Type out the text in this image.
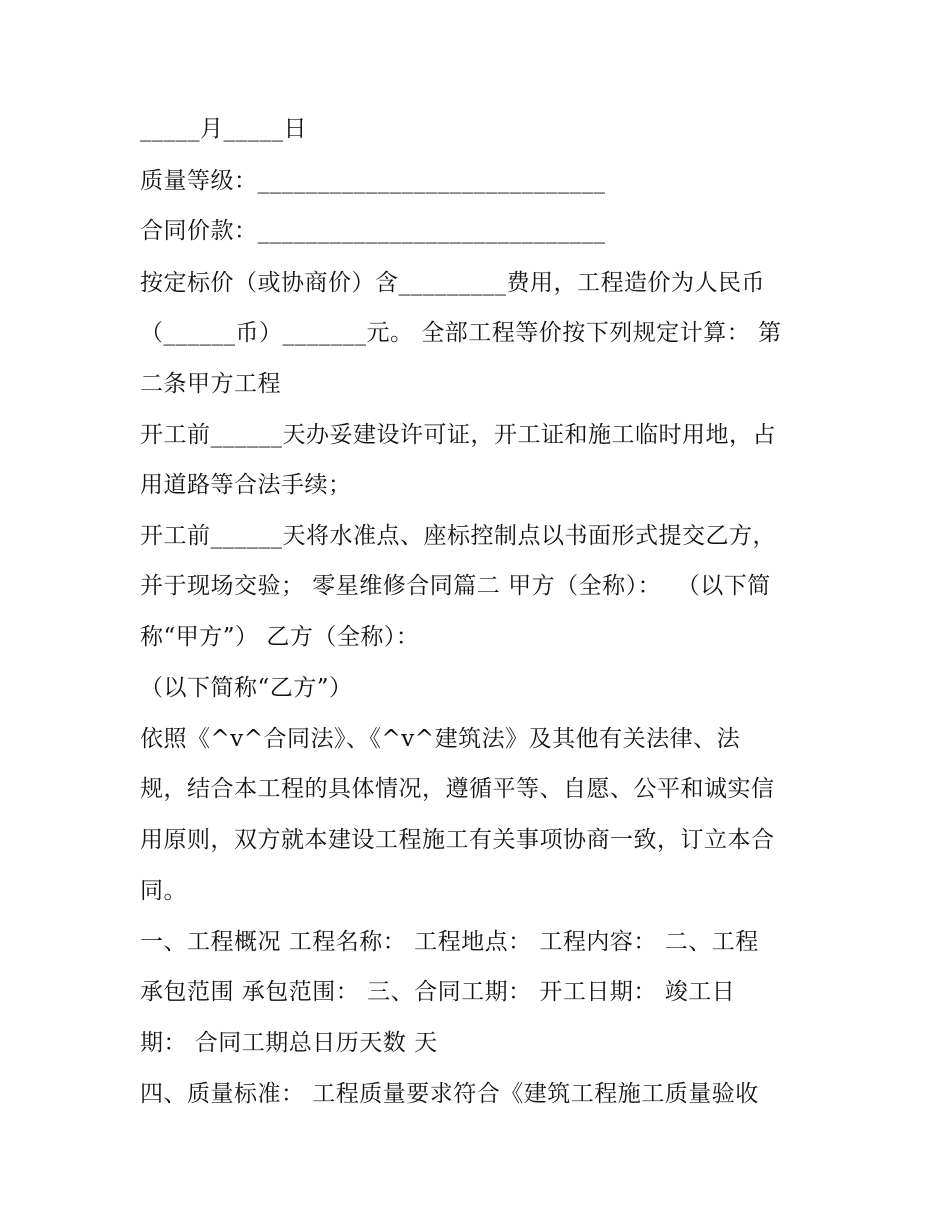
_____月_____日
质量等级：_____________________________
合同价款：_____________________________
按定标价（或协商价）含_________费用，工程造价为人民币
（______币）_______元。 全部工程等价按下列规定计算： 第
二条甲方工程
开工前______天办妥建设许可证，开工证和施工临时用地，占
用道路等合法手续；
开工前______天将水准点、座标控制点以书面形式提交乙方，
并于现场交验； 零星维修合同篇二 甲方（全称）：  （以下简
称“甲方”） 乙方（全称）：
（以下简称“乙方”）
依照《^v^合同法》、《^v^建筑法》及其他有关法律、法
规，结合本工程的具体情况，遵循平等、自愿、公平和诚实信
用原则，双方就本建设工程施工有关事项协商一致，订立本合
同。
一、工程概况 工程名称： 工程地点： 工程内容： 二、工程
承包范围 承包范围： 三、合同工期： 开工日期： 竣工日
期： 合同工期总日历天数 天
四、质量标准： 工程质量要求符合《建筑工程施工质量验收
